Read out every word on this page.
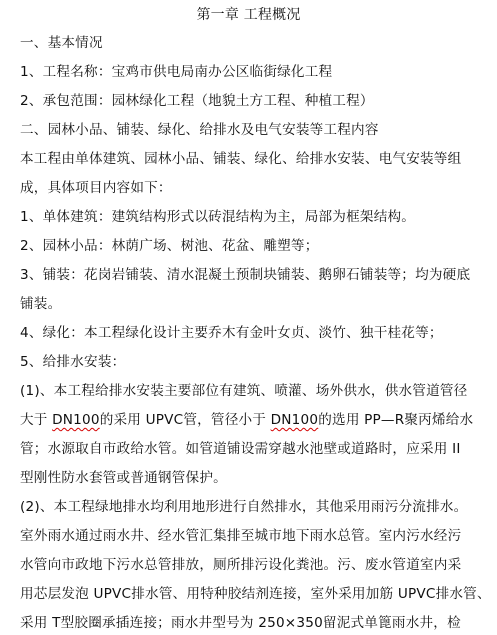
第一章 工程概况
一、基本情况
1、工程名称：宝鸡市供电局南办公区临街绿化工程
2、承包范围：园林绿化工程（地貌土方工程、种植工程）
二、园林小品、铺装、绿化、给排水及电气安装等工程内容
本工程由单体建筑、园林小品、铺装、绿化、给排水安装、电气安装等组
成，具体项目内容如下：
1、单体建筑：建筑结构形式以砖混结构为主，局部为框架结构。
2、园林小品：林荫广场、树池、花盆、雕塑等；
3、铺装：花岗岩铺装、清水混凝土预制块铺装、鹅卵石铺装等；均为硬底
铺装。
4、绿化：本工程绿化设计主要乔木有金叶女贞、淡竹、独干桂花等；
5、给排水安装：
(1)、本工程给排水安装主要部位有建筑、喷灌、场外供水，供水管道管径
大于 DN100的采用 UPVC管，管径小于 DN100的选用 PP—R聚丙烯给水
管；水源取自市政给水管。如管道铺设需穿越水池壁或道路时，应采用 II
型刚性防水套管或普通钢管保护。
(2)、本工程绿地排水均利用地形进行自然排水，其他采用雨污分流排水。
室外雨水通过雨水井、经水管汇集排至城市地下雨水总管。室内污水经污
水管向市政地下污水总管排放，厕所排污设化粪池。污、废水管道室内采
用芯层发泡 UPVC排水管、用特种胶结剂连接，室外采用加筋 UPVC排水管、
采用 T型胶圈承插连接；雨水井型号为 250×350留泥式单篦雨水井，检
